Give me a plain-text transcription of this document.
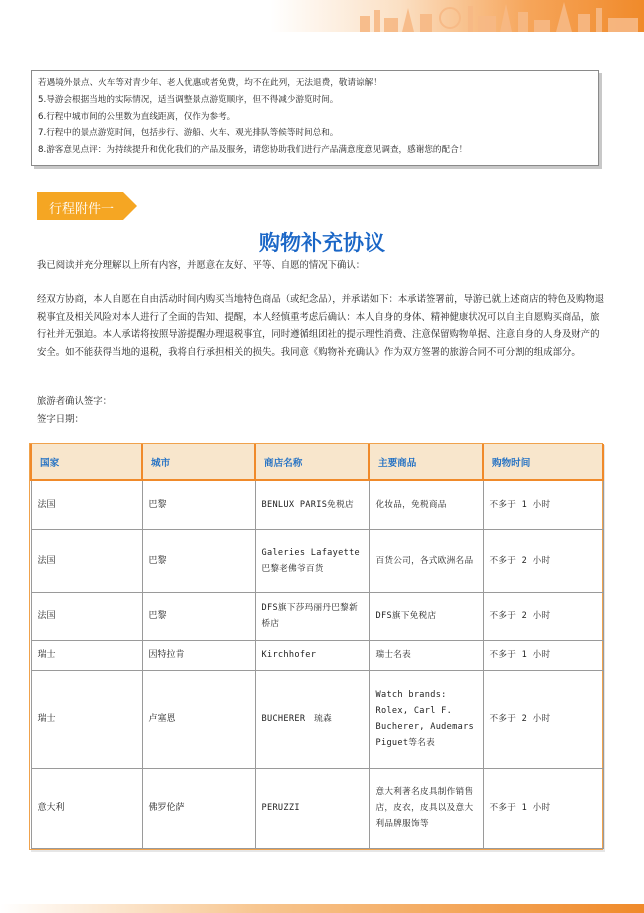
若遇境外景点、火车等对青少年、老人优惠或者免费，均不在此列，无法退费，敬请谅解！
5.导游会根据当地的实际情况，适当调整景点游览顺序，但不得减少游览时间。
6.行程中城市间的公里数为直线距离，仅作为参考。
7.行程中的景点游览时间，包括步行、游船、火车、观光排队等候等时间总和。
8.游客意见点评：为持续提升和优化我们的产品及服务，请您协助我们进行产品满意度意见调查，感谢您的配合！
行程附件一
购物补充协议
我已阅读并充分理解以上所有内容，并愿意在友好、平等、自愿的情况下确认：
经双方协商，本人自愿在自由活动时间内购买当地特色商品（或纪念品），并承诺如下：本承诺签署前，导游已就上述商店的特色及购物退税事宜及相关风险对本人进行了全面的告知、提醒，本人经慎重考虑后确认：本人自身的身体、精神健康状况可以自主自愿购买商品，旅行社并无强迫。本人承诺将按照导游提醒办理退税事宜，同时遵循组团社的提示理性消费、注意保留购物单据、注意自身的人身及财产的安全。如不能获得当地的退税，我将自行承担相关的损失。我同意《购物补充确认》作为双方签署的旅游合同不可分割的组成部分。
旅游者确认签字：
签字日期：
国家	城市	商店名称	主要商品	购物时间
法国	巴黎	BENLUX PARIS免税店	化妆品，免税商品	不多于 1 小时
法国	巴黎	Galeries Lafayette巴黎老佛爷百货	百货公司，各式欧洲名品	不多于 2 小时
法国	巴黎	DFS旗下莎玛丽丹巴黎新桥店	DFS旗下免税店	不多于 2 小时
瑞士	因特拉肯	Kirchhofer	瑞士名表	不多于 1 小时
瑞士	卢塞恩	BUCHERER　琉森	Watch brands: Rolex, Carl F. Bucherer, Audemars Piguet等名表	不多于 2 小时
意大利	佛罗伦萨	PERUZZI	意大利著名皮具制作销售店，皮衣，皮具以及意大利品牌服饰等	不多于 1 小时
